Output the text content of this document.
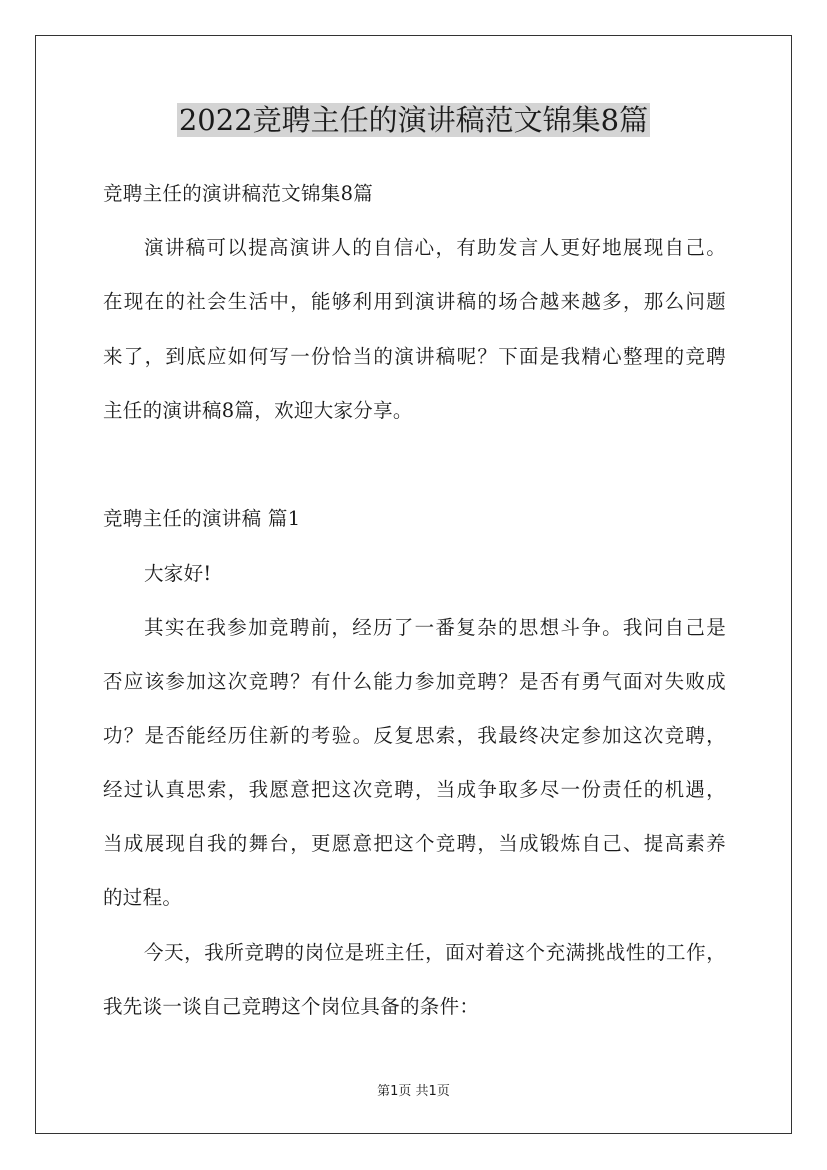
2022竞聘主任的演讲稿范文锦集8篇
竞聘主任的演讲稿范文锦集8篇
演讲稿可以提高演讲人的自信心，有助发言人更好地展现自己。
在现在的社会生活中，能够利用到演讲稿的场合越来越多，那么问题
来了，到底应如何写一份恰当的演讲稿呢？下面是我精心整理的竞聘
主任的演讲稿8篇，欢迎大家分享。
竞聘主任的演讲稿 篇1
大家好!
其实在我参加竞聘前，经历了一番复杂的思想斗争。我问自己是
否应该参加这次竞聘？有什么能力参加竞聘？是否有勇气面对失败成
功？是否能经历住新的考验。反复思索，我最终决定参加这次竞聘，
经过认真思索，我愿意把这次竞聘，当成争取多尽一份责任的机遇，
当成展现自我的舞台，更愿意把这个竞聘，当成锻炼自己、提高素养
的过程。
今天，我所竞聘的岗位是班主任，面对着这个充满挑战性的工作，
我先谈一谈自己竞聘这个岗位具备的条件：
第1页 共1页
